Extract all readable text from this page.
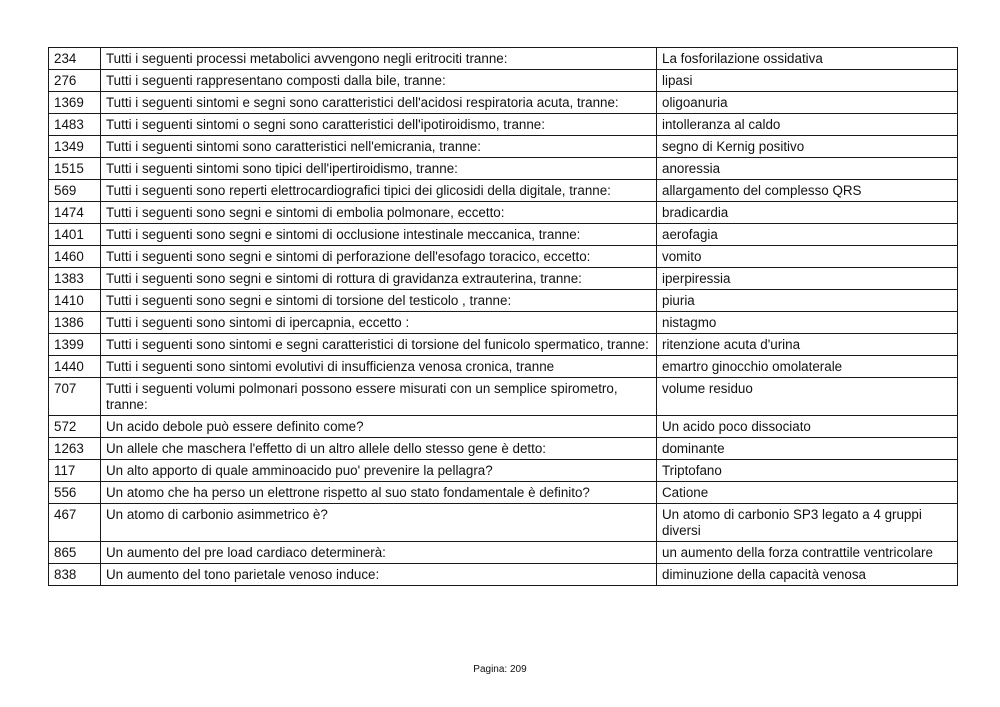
234	Tutti i seguenti processi metabolici avvengono negli eritrociti tranne:	La fosforilazione ossidativa
276	Tutti i seguenti rappresentano composti dalla bile, tranne:	lipasi
1369	Tutti i seguenti sintomi e segni sono caratteristici dell'acidosi respiratoria acuta, tranne:	oligoanuria
1483	Tutti i seguenti sintomi o segni sono caratteristici dell'ipotiroidismo, tranne:	intolleranza al caldo
1349	Tutti i seguenti sintomi sono caratteristici nell'emicrania, tranne:	segno di Kernig positivo
1515	Tutti i seguenti sintomi sono tipici dell'ipertiroidismo, tranne:	anoressia
569	Tutti i seguenti sono reperti elettrocardiografici tipici dei glicosidi della digitale, tranne:	allargamento del complesso QRS
1474	Tutti i seguenti sono segni e sintomi di embolia polmonare, eccetto:	bradicardia
1401	Tutti i seguenti sono segni e sintomi di occlusione intestinale meccanica, tranne:	aerofagia
1460	Tutti i seguenti sono segni e sintomi di perforazione dell'esofago toracico, eccetto:	vomito
1383	Tutti i seguenti sono segni e sintomi di rottura di gravidanza extrauterina, tranne:	iperpiressia
1410	Tutti i seguenti sono segni e sintomi di torsione del testicolo , tranne:	piuria
1386	Tutti i seguenti sono sintomi di ipercapnia, eccetto :	nistagmo
1399	Tutti i seguenti sono sintomi e segni caratteristici di torsione del funicolo spermatico, tranne:	ritenzione acuta d'urina
1440	Tutti i seguenti sono sintomi evolutivi di insufficienza venosa cronica, tranne	emartro ginocchio omolaterale
707	Tutti i seguenti volumi polmonari possono essere misurati con un semplice spirometro, tranne:	volume residuo
572	Un acido debole può essere definito come?	Un acido poco dissociato
1263	Un allele che maschera l'effetto di un altro allele dello stesso gene è detto:	dominante
117	Un alto apporto di quale amminoacido puo' prevenire la pellagra?	Triptofano
556	Un atomo che ha perso un elettrone rispetto al suo stato fondamentale è definito?	Catione
467	Un atomo di carbonio asimmetrico è?	Un atomo di carbonio SP3 legato a 4 gruppi diversi
865	Un aumento del pre load cardiaco determinerà:	un aumento della forza contrattile ventricolare
838	Un aumento del tono parietale venoso induce:	diminuzione della capacità venosa
Pagina: 209
